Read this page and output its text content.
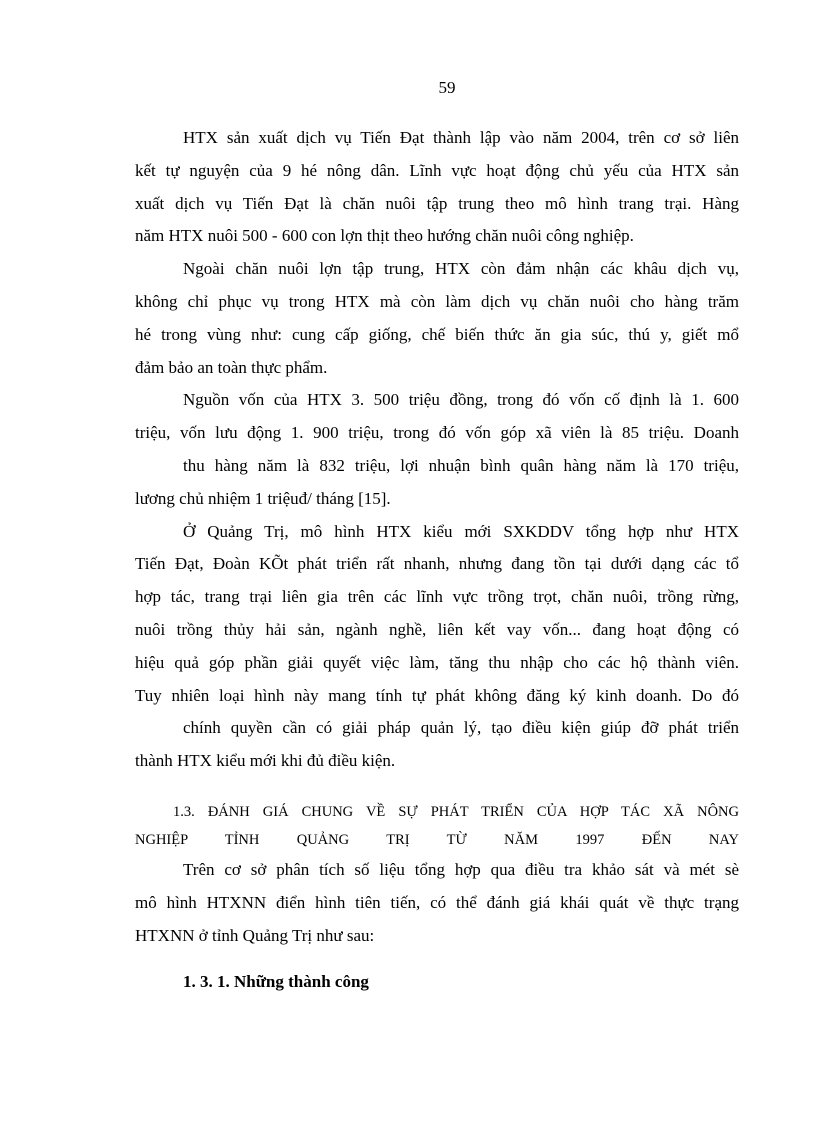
59
HTX sản xuất dịch vụ Tiến Đạt thành lập vào năm 2004, trên cơ sở liên
kết tự nguyện của 9 hé nông dân. Lĩnh vực hoạt động chủ yếu của HTX sản
xuất dịch vụ Tiến Đạt là chăn nuôi tập trung theo mô hình trang trại. Hàng
năm HTX nuôi 500 - 600 con lợn thịt theo hướng chăn nuôi công nghiệp.
Ngoài chăn nuôi lợn tập trung, HTX còn đảm nhận các khâu dịch vụ,
không chỉ phục vụ trong HTX mà còn làm dịch vụ chăn nuôi cho hàng trăm
hé trong vùng như: cung cấp giống, chế biến thức ăn gia súc, thú y, giết mổ
đảm bảo an toàn thực phẩm.
Nguồn vốn của HTX 3. 500 triệu đồng, trong đó vốn cố định là 1. 600
triệu, vốn lưu động 1. 900 triệu, trong đó vốn góp xã viên là 85 triệu. Doanh
thu hàng năm là 832 triệu, lợi nhuận bình quân hàng năm là 170 triệu,
lương chủ nhiệm 1 triệuđ/ tháng [15].
Ở Quảng Trị, mô hình HTX kiểu mới SXKDDV tổng hợp như HTX
Tiến Đạt, Đoàn KÕt phát triển rất nhanh, nhưng đang tồn tại dưới dạng các tổ
hợp tác, trang trại liên gia trên các lĩnh vực trồng trọt, chăn nuôi, trồng rừng,
nuôi trồng thủy hải sản, ngành nghề, liên kết vay vốn... đang hoạt động có
hiệu quả góp phần giải quyết việc làm, tăng thu nhập cho các hộ thành viên.
Tuy nhiên loại hình này mang tính tự phát không đăng ký kinh doanh. Do đó
chính quyền cần có giải pháp quản lý, tạo điều kiện giúp đỡ phát triển
thành HTX kiểu mới khi đủ điều kiện.
1.3. ĐÁNH GIÁ CHUNG VỀ SỰ PHÁT TRIỂN CỦA HỢP TÁC XÃ NÔNG
NGHIỆP TỈNH QUẢNG TRỊ TỪ NĂM 1997 ĐẾN NAY
Trên cơ sở phân tích số liệu tổng hợp qua điều tra khảo sát và mét sè
mô hình HTXNN điển hình tiên tiến, có thể đánh giá khái quát về thực trạng
HTXNN ở tỉnh Quảng Trị như sau:
1. 3. 1. Những thành công
